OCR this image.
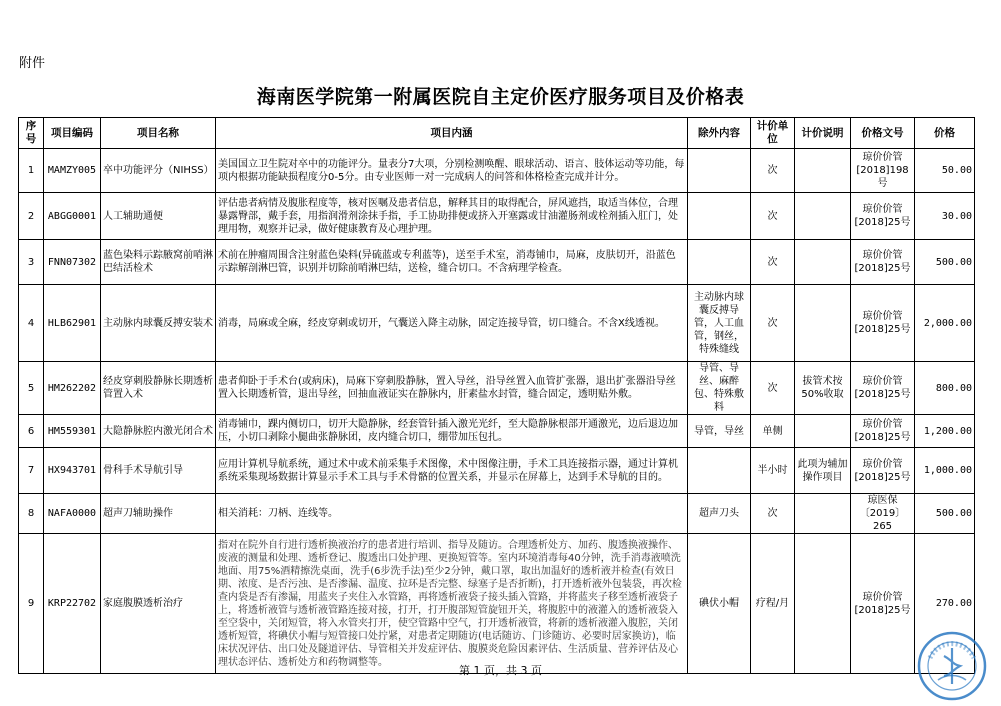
附件
海南医学院第一附属医院自主定价医疗服务项目及价格表
序号	项目编码	项目名称	项目内涵	除外内容	计价单位	计价说明	价格文号	价格
1	MAMZY005	卒中功能评分（NIHSS）	美国国立卫生院对卒中的功能评分。量表分7大项，分别检测唤醒、眼球活动、语言、肢体运动等功能，每项内根据功能缺损程度分0-5分。由专业医师一对一完成病人的问答和体格检查完成并计分。		次		琼价价管[2018]198号	50.00
2	ABGG0001	人工辅助通便	评估患者病情及腹胀程度等，核对医嘱及患者信息，解释其目的取得配合，屏风遮挡，取适当体位，合理暴露臀部，戴手套，用指润滑剂涂抹手指，手工协助排便或挤入开塞露或甘油灌肠剂或栓剂插入肛门，处理用物，观察并记录，做好健康教育及心理护理。		次		琼价价管[2018]25号	30.00
3	FNN07302	蓝色染料示踪腋窝前哨淋巴结活检术	术前在肿瘤周围含注射蓝色染料(异硫蓝或专利蓝等)，送至手术室，消毒铺巾，局麻，皮肤切开，沿蓝色示踪解剖淋巴管，识别并切除前哨淋巴结，送检，缝合切口。不含病理学检查。		次		琼价价管[2018]25号	500.00
4	HLB62901	主动脉内球囊反搏安装术	消毒，局麻或全麻，经皮穿刺或切开，气囊送入降主动脉，固定连接导管，切口缝合。不含X线透视。	主动脉内球囊反搏导管，人工血管，钢丝，特殊缝线	次		琼价价管[2018]25号	2,000.00
5	HM262202	经皮穿刺股静脉长期透析管置入术	患者仰卧于手术台(或病床)，局麻下穿刺股静脉，置入导丝，沿导丝置入血管扩张器，退出扩张器沿导丝置入长期透析管，退出导丝，回抽血液证实在静脉内，肝素盐水封管，缝合固定，透明贴外敷。	导管、导丝、麻醉包、特殊敷料	次	拔管术按50%收取	琼价价管[2018]25号	800.00
6	HM559301	大隐静脉腔内激光闭合术	消毒铺巾，踝内侧切口，切开大隐静脉，经套管针插入激光光纤，至大隐静脉根部开通激光，边后退边加压，小切口剥除小腿曲张静脉团，皮内缝合切口，绷带加压包扎。	导管，导丝	单侧		琼价价管[2018]25号	1,200.00
7	HX943701	骨科手术导航引导	应用计算机导航系统，通过术中或术前采集手术图像，术中图像注册，手术工具连接指示器，通过计算机系统采集现场数据计算显示手术工具与手术骨骼的位置关系，并显示在屏幕上，达到手术导航的目的。		半小时	此项为辅加操作项目	琼价价管[2018]25号	1,000.00
8	NAFA0000	超声刀辅助操作	相关消耗：刀柄、连线等。	超声刀头	次		琼医保〔2019〕265	500.00
9	KRP22702	家庭腹膜透析治疗	指对在院外自行进行透析换液治疗的患者进行培训、指导及随访。合理透析处方、加药、腹透换液操作、废液的测量和处理、透析登记、腹透出口处护理、更换短管等。室内环境消毒每40分钟，洗手消毒液喷洗地面、用75%酒精擦洗桌面，洗手(6步洗手法)至少2分钟，戴口罩，取出加温好的透析液并检查(有效日期、浓度、是否污浊、是否渗漏、温度、拉环是否完整、绿塞子是否折断)，打开透析液外包装袋，再次检查内袋是否有渗漏，用蓝夹子夹住入水管路，再将透析液袋子接头插入管路，并将蓝夹子移至透析液袋子上，将透析液管与透析液管路连接对接，打开，打开腹部短管旋钮开关，将腹腔中的液灌入的透析液袋入至空袋中，关闭短管，将入水管夹打开，使空管路中空气，打开透析液管，将新的透析液灌入腹腔，关闭透析短管，将碘伏小帽与短管接口处拧紧，对患者定期随访(电话随访、门诊随访、必要时居家换访)，临床状况评估、出口处及隧道评估、导管相关并发症评估、腹膜炎危险因素评估、生活质量、营养评估及心理状态评估、透析处方和药物调整等。	碘伏小帽	疗程/月		琼价价管[2018]25号	270.00
第 1 页，共 3 页
